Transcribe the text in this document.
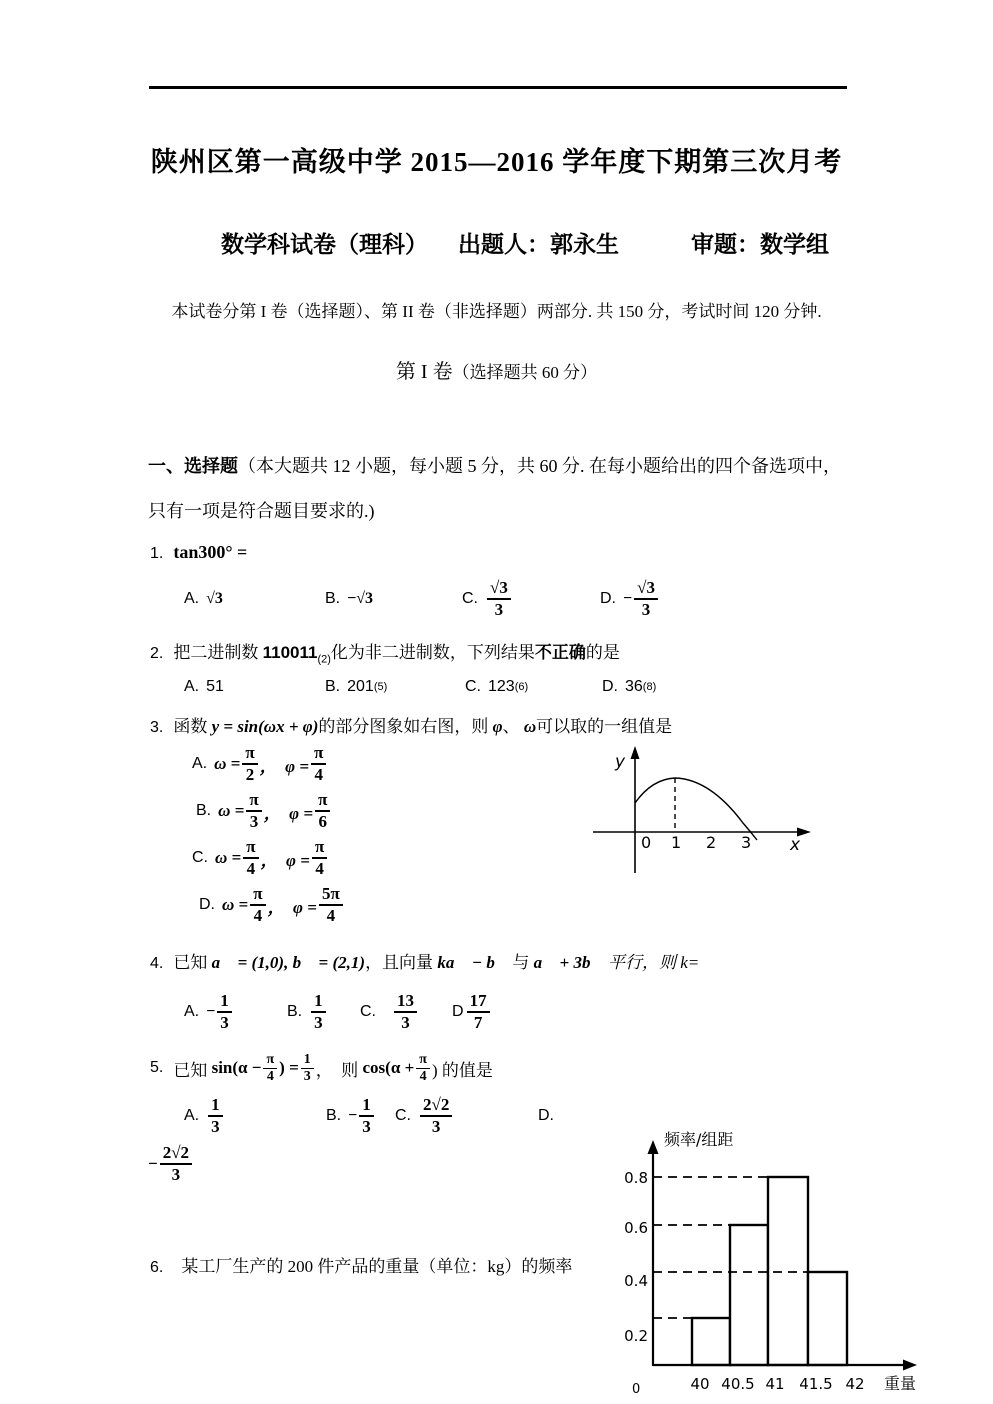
陕州区第一高级中学 2015—2016 学年度下期第三次月考
数学科试卷（理科） 出题人：郭永生	审题：数学组
本试卷分第 I 卷（选择题）、第 II 卷（非选择题）两部分. 共 150 分，考试时间 120 分钟.
第 I 卷（选择题共 60 分）
一、选择题（本大题共 12 小题，每小题 5 分，共 60 分. 在每小题给出的四个备选项中，
只有一项是符合题目要求的.)
1. tan300° =
A. √3	B. −√3	C. $\frac{√3}{3}$	D. − $\frac{√3}{3}$
2. 把二进制数 $110011_{(2)}$化为非二进制数，下列结果不正确的是
A. 51	B. 201 (5)	C. 123 (6)	D. 36 (8)
3. 函数 y = sin(ωx + φ)的部分图象如右图，则 φ、 ω可以取的一组值是
A. $\omega = \frac{\pi}{2}$ ，  $\varphi = \frac{\pi}{4}$
B. $\omega = \frac{\pi}{3}$ ，  $\varphi = \frac{\pi}{6}$
C. $\omega = \frac{\pi}{4}$ ，  $\varphi = \frac{\pi}{4}$
D. $\omega = \frac{\pi}{4}$ ，  $\varphi = \frac{5\pi}{4}$
y
x
0 1 2 3
4. 已知 a⃗ = (1,0), b⃗ = (2,1)，且向量 ka⃗ − b⃗ 与 a⃗ + 3b⃗ 平行，则 k=
A. − $\frac{1}{3}$	B. $\frac{1}{3} C$. $\frac{13}{3}$ D $\frac{17}{7}$
5. 已知 $\sin(\alpha - \frac{\pi}{4}$ ) = $\frac{1}{3}$ ，  则 $\cos(\alpha + \frac{\pi}{4}$ ) 的值是
A. $\frac{1}{3}$	B. − $\frac{1}{3} C$. $\frac{2√2}{3}$	D.
− $\frac{2√2}{3}$
6. 某工厂生产的 200 件产品的重量（单位：kg）的频率
频率/组距
0.8
0.6
0.4
0.2
0	40 40.5 41 41.5 42 重量
